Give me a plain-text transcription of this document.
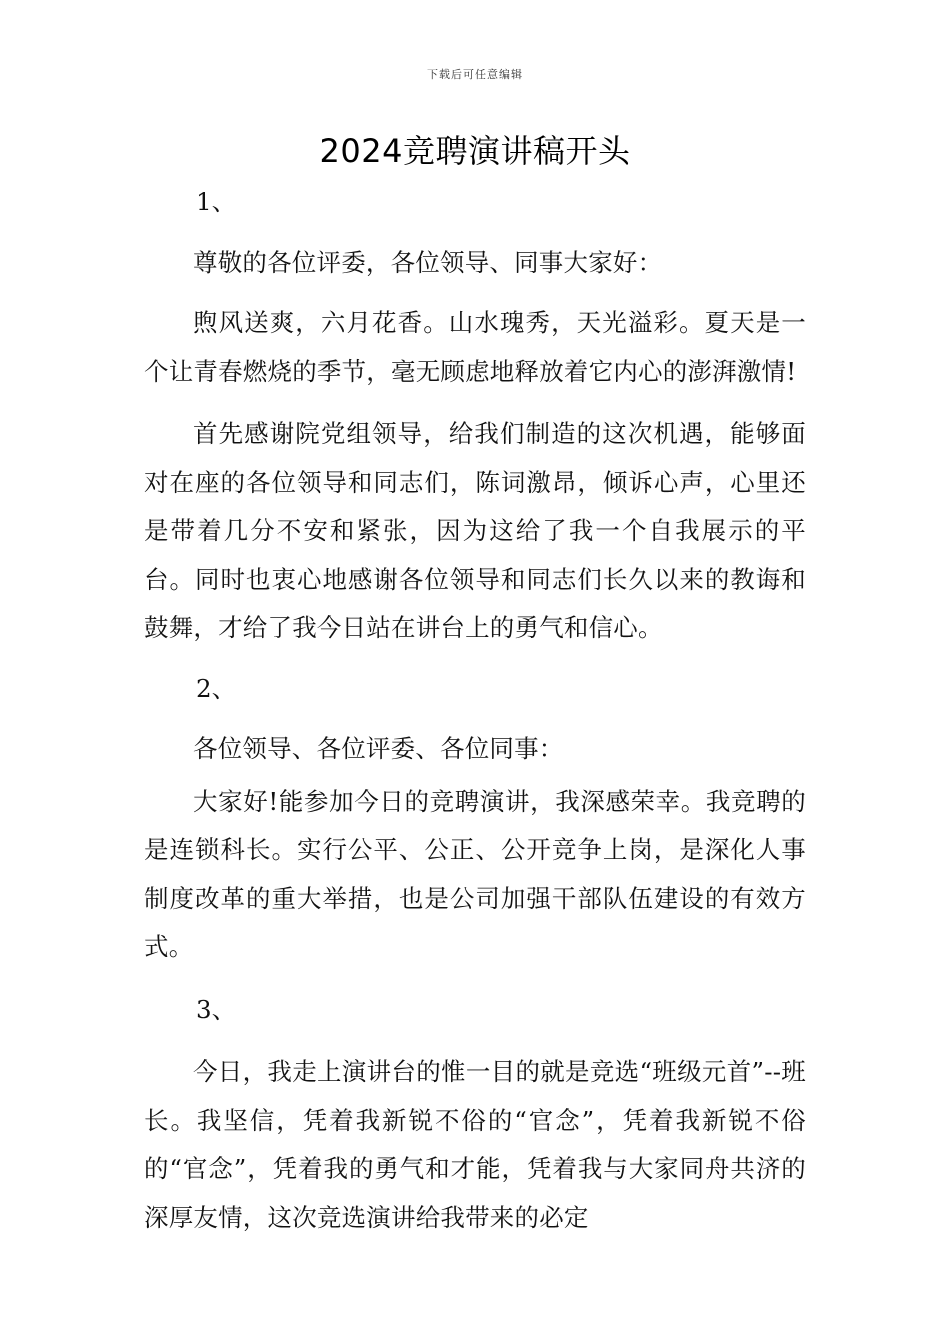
下载后可任意编辑
2024竞聘演讲稿开头

1、

尊敬的各位评委，各位领导、同事大家好：

煦风送爽，六月花香。山水瑰秀，天光溢彩。夏天是一个让青春燃烧的季节，毫无顾虑地释放着它内心的澎湃激情!

首先感谢院党组领导，给我们制造的这次机遇，能够面对在座的各位领导和同志们，陈词激昂，倾诉心声，心里还是带着几分不安和紧张，因为这给了我一个自我展示的平台。同时也衷心地感谢各位领导和同志们长久以来的教诲和鼓舞，才给了我今日站在讲台上的勇气和信心。

2、

各位领导、各位评委、各位同事：

大家好!能参加今日的竞聘演讲，我深感荣幸。我竞聘的是连锁科长。实行公平、公正、公开竞争上岗，是深化人事制度改革的重大举措，也是公司加强干部队伍建设的有效方式。

3、

今日，我走上演讲台的惟一目的就是竞选“班级元首”--班长。我坚信，凭着我新锐不俗的“官念”，凭着我新锐不俗的“官念”，凭着我的勇气和才能，凭着我与大家同舟共济的深厚友情，这次竞选演讲给我带来的必定
